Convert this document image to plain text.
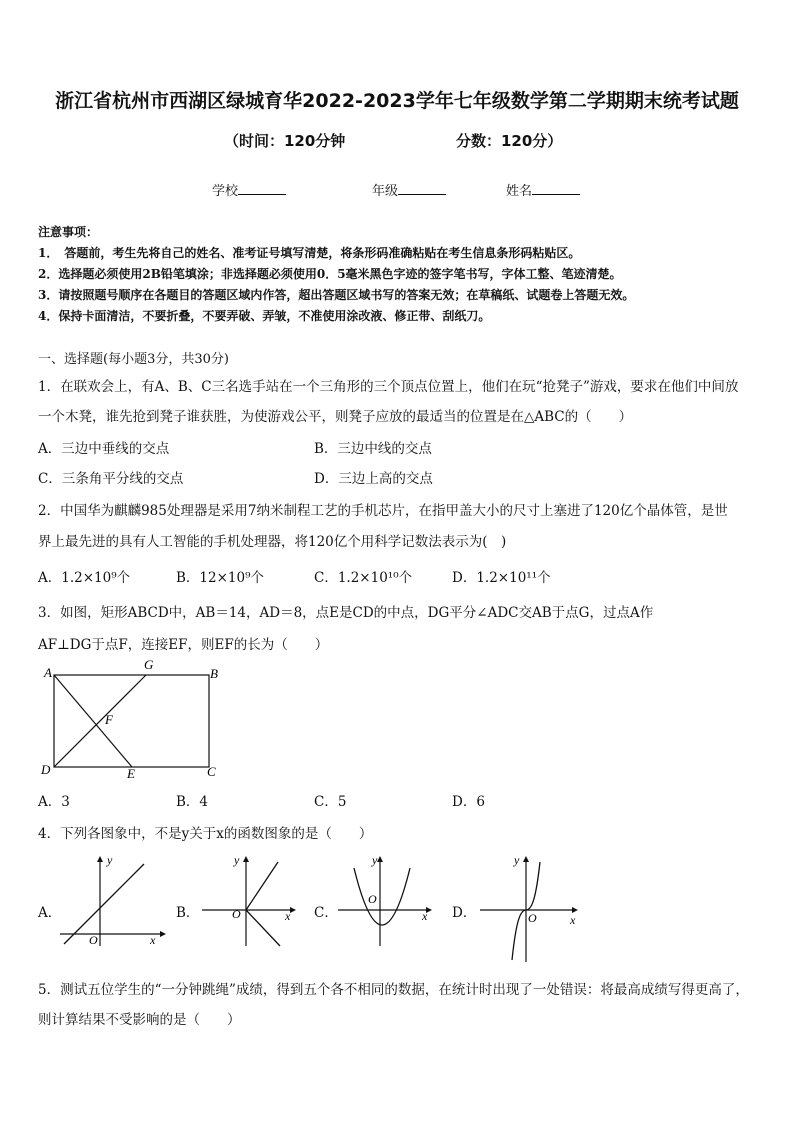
浙江省杭州市西湖区绿城育华2022-2023学年七年级数学第二学期期末统考试题
（时间：120分钟	分数：120分）
学校	年级	姓名
注意事项：
1．　答题前，考生先将自己的姓名、准考证号填写清楚，将条形码准确粘贴在考生信息条形码粘贴区。
2．选择题必须使用2B铅笔填涂；非选择题必须使用0．5毫米黑色字迹的签字笔书写，字体工整、笔迹清楚。
3．请按照题号顺序在各题目的答题区域内作答，超出答题区域书写的答案无效；在草稿纸、试题卷上答题无效。
4．保持卡面清洁，不要折叠，不要弄破、弄皱，不准使用涂改液、修正带、刮纸刀。
一、选择题(每小题3分，共30分)
1．在联欢会上，有A、B、C三名选手站在一个三角形的三个顶点位置上，他们在玩“抢凳子”游戏，要求在他们中间放
一个木凳，谁先抢到凳子谁获胜，为使游戏公平，则凳子应放的最适当的位置是在△ABC的（　　）
A．三边中垂线的交点	B．三边中线的交点
C．三条角平分线的交点	D．三边上高的交点
2．中国华为麒麟985处理器是采用7纳米制程工艺的手机芯片，在指甲盖大小的尺寸上塞进了120亿个晶体管，是世
界上最先进的具有人工智能的手机处理器，将120亿个用科学记数法表示为(　)
A．1.2×10⁹个	B．12×10⁹个	C．1.2×10¹⁰个	D．1.2×10¹¹个
3．如图，矩形ABCD中，AB＝14，AD＝8，点E是CD的中点，DG平分∠ADC交AB于点G，过点A作
AF⊥DG于点F，连接EF，则EF的长为（　　）
A	B
C
D	E
F
G
A．3	B．4	C．5	D．6
4．下列各图象中，不是y关于x的函数图象的是（　　）
A．
y
x
O
B．
y
x
O	C．
y
x
O
D．
y
x
O
5．测试五位学生的“一分钟跳绳”成绩，得到五个各不相同的数据，在统计时出现了一处错误：将最高成绩写得更高了，
则计算结果不受影响的是（　　）
